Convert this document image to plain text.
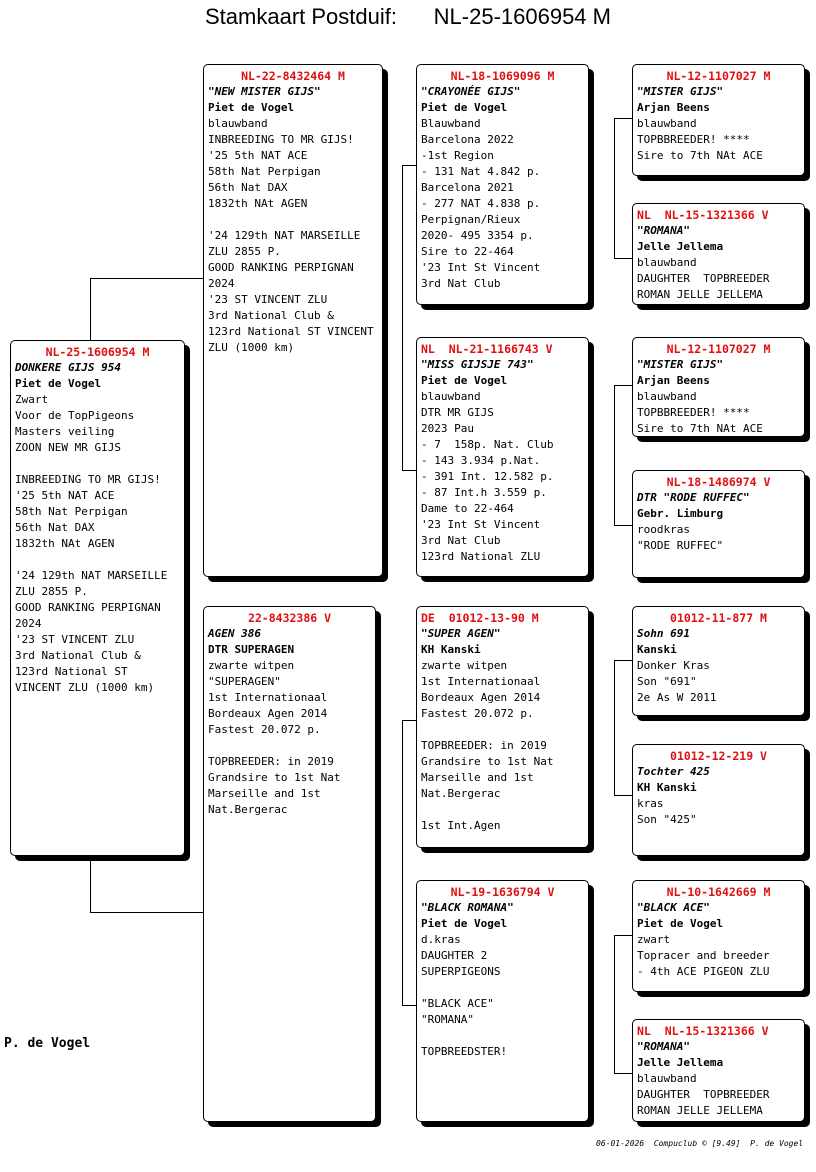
Stamkaart Postduif:      NL-25-1606954 M
NL-25-1606954 M
DONKERE GIJS 954
Piet de Vogel
Zwart
Voor de TopPigeons
Masters veiling
ZOON NEW MR GIJS
INBREEDING TO MR GIJS!
'25 5th NAT ACE
58th Nat Perpigan
56th Nat DAX
1832th NAt AGEN
'24 129th NAT MARSEILLE ZLU 2855 P.
GOOD RANKING PERPIGNAN 2024
'23 ST VINCENT ZLU
3rd National Club &
123rd National ST VINCENT ZLU (1000 km)
NL-22-8432464 M
"NEW MISTER GIJS"
Piet de Vogel
blauwband
INBREEDING TO MR GIJS!
'25 5th NAT ACE
58th Nat Perpigan
56th Nat DAX
1832th NAt AGEN
'24 129th NAT MARSEILLE ZLU 2855 P.
GOOD RANKING PERPIGNAN 2024
'23 ST VINCENT ZLU
3rd National Club &
123rd National ST VINCENT ZLU (1000 km)
22-8432386 V
AGEN 386
DTR SUPERAGEN
zwarte witpen
"SUPERAGEN"
1st Internationaal
Bordeaux Agen 2014
Fastest 20.072 p.
TOPBREEDER: in 2019
Grandsire to 1st Nat
Marseille and 1st
Nat.Bergerac
NL-18-1069096 M
"CRAYONÉE GIJS"
Piet de Vogel
Blauwband
Barcelona 2022
-1st Region
- 131 Nat 4.842 p.
Barcelona 2021
- 277 NAT 4.838 p.
Perpignan/Rieux
2020- 495 3354 p.
Sire to 22-464
'23 Int St Vincent
3rd Nat Club
NL  NL-21-1166743 V
"MISS GIJSJE 743"
Piet de Vogel
blauwband
DTR MR GIJS
2023 Pau
- 7  158p. Nat. Club
- 143 3.934 p.Nat.
- 391 Int. 12.582 p.
- 87 Int.h 3.559 p.
Dame to 22-464
'23 Int St Vincent
3rd Nat Club
123rd National ZLU
DE  01012-13-90 M
"SUPER AGEN"
KH Kanski
zwarte witpen
1st Internationaal
Bordeaux Agen 2014
Fastest 20.072 p.
TOPBREEDER: in 2019
Grandsire to 1st Nat
Marseille and 1st
Nat.Bergerac
1st Int.Agen
NL-19-1636794 V
"BLACK ROMANA"
Piet de Vogel
d.kras
DAUGHTER 2
SUPERPIGEONS
"BLACK ACE"
"ROMANA"
TOPBREEDSTER!
NL-12-1107027 M
"MISTER GIJS"
Arjan Beens
blauwband
TOPBBREEDER! ****
Sire to 7th NAt ACE
NL  NL-15-1321366 V
"ROMANA"
Jelle Jellema
blauwband
DAUGHTER  TOPBREEDER
ROMAN JELLE JELLEMA
NL-12-1107027 M
"MISTER GIJS"
Arjan Beens
blauwband
TOPBBREEDER! ****
Sire to 7th NAt ACE
NL-18-1486974 V
DTR "RODE RUFFEC"
Gebr. Limburg
roodkras
"RODE RUFFEC"
01012-11-877 M
Sohn 691
Kanski
Donker Kras
Son "691"
2e As W 2011
01012-12-219 V
Tochter 425
KH Kanski
kras
Son "425"
NL-10-1642669 M
"BLACK ACE"
Piet de Vogel
zwart
Topracer and breeder
- 4th ACE PIGEON ZLU
NL  NL-15-1321366 V
"ROMANA"
Jelle Jellema
blauwband
DAUGHTER  TOPBREEDER
ROMAN JELLE JELLEMA
P. de Vogel
06-01-2026  Compuclub © [9.49]  P. de Vogel
